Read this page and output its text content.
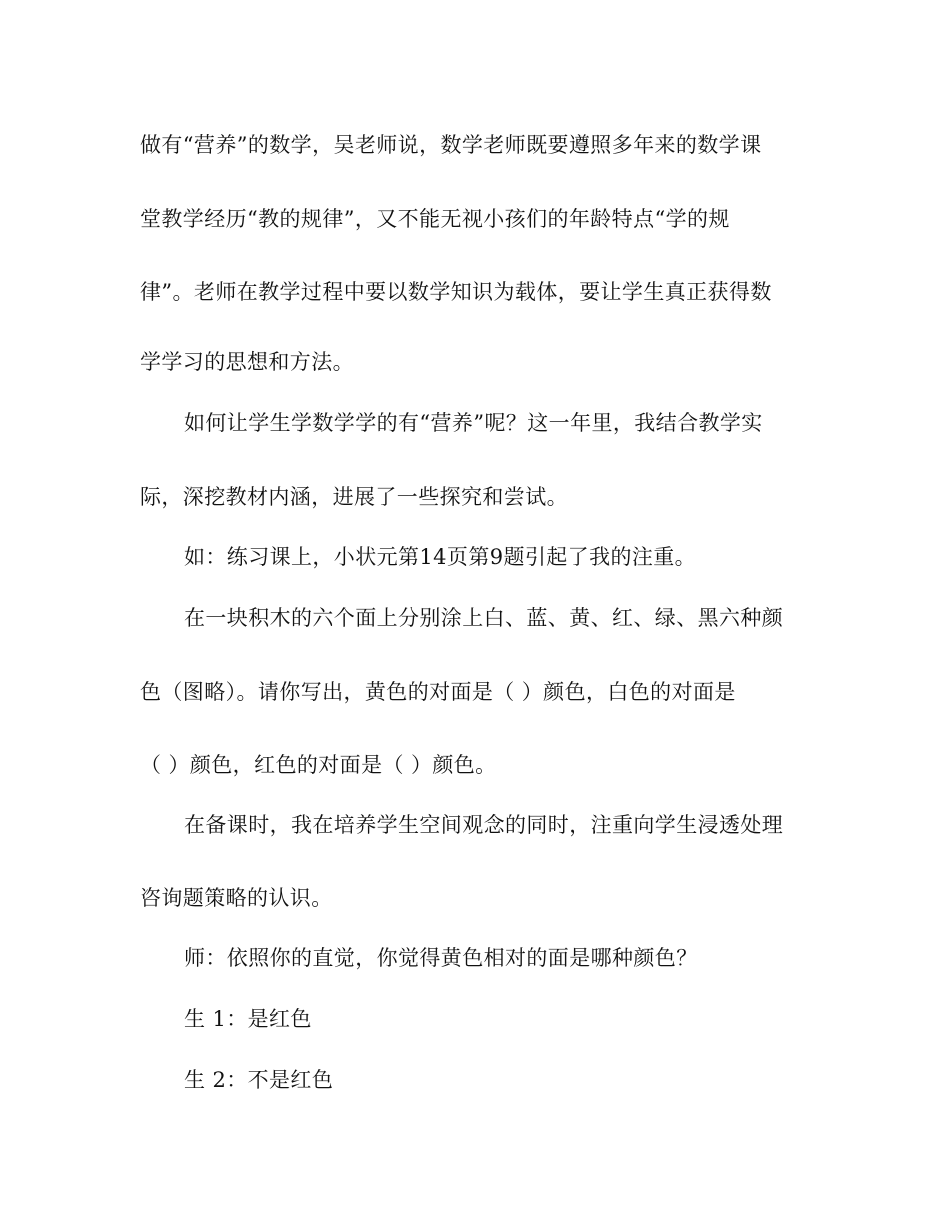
做有“营养”的数学，吴老师说，数学老师既要遵照多年来的数学课
堂教学经历“教的规律”，又不能无视小孩们的年龄特点“学的规
律”。老师在教学过程中要以数学知识为载体，要让学生真正获得数
学学习的思想和方法。
如何让学生学数学学的有“营养”呢？这一年里，我结合教学实
际，深挖教材内涵，进展了一些探究和尝试。
如：练习课上，小状元第14页第9题引起了我的注重。
在一块积木的六个面上分别涂上白、蓝、黄、红、绿、黑六种颜
色（图略）。请你写出，黄色的对面是（ ）颜色，白色的对面是
（ ）颜色，红色的对面是（ ）颜色。
在备课时，我在培养学生空间观念的同时，注重向学生浸透处理
咨询题策略的认识。
师：依照你的直觉，你觉得黄色相对的面是哪种颜色？
生 1：是红色
生 2：不是红色
